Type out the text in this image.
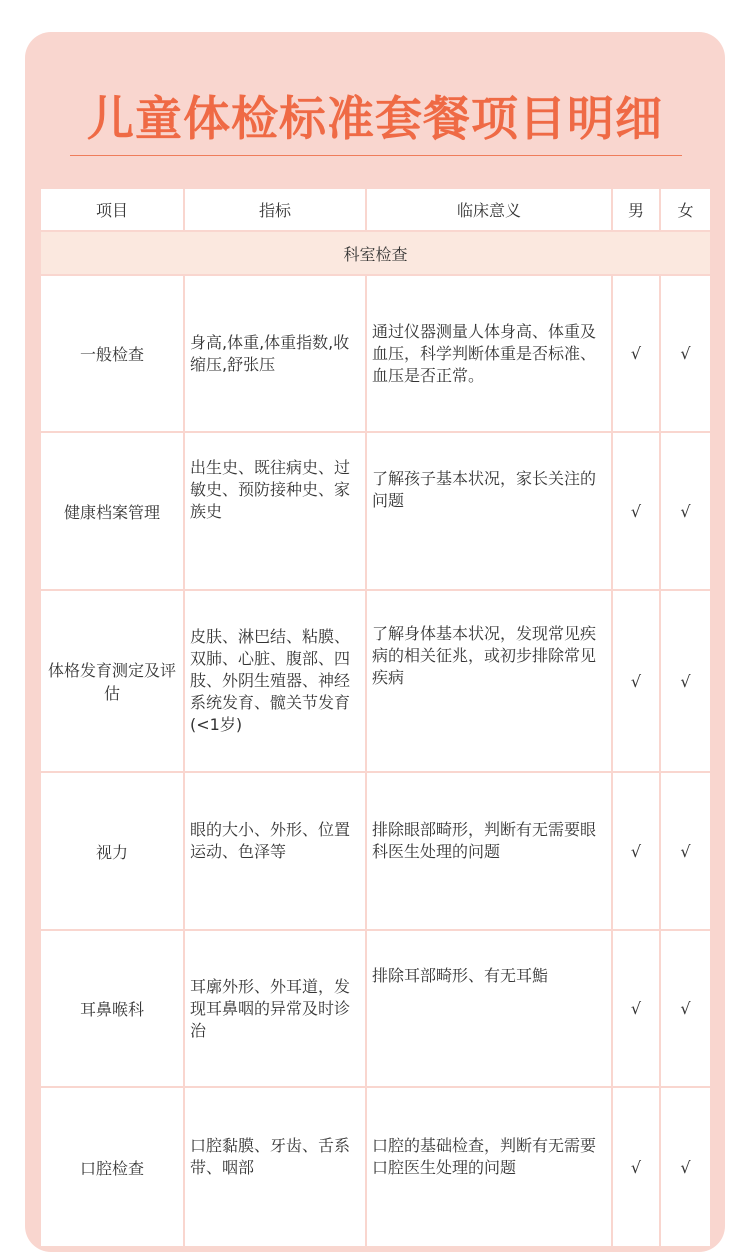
儿童体检标准套餐项目明细
项目	指标	临床意义	男	女
科室检查				
一般检查	身高,体重,体重指数,收缩压,舒张压	通过仪器测量人体身高、体重及血压，科学判断体重是否标准、血压是否正常。	√	√
健康档案管理	出生史、既往病史、过敏史、预防接种史、家族史	了解孩子基本状况，家长关注的问题	√	√
体格发育测定及评估	皮肤、淋巴结、粘膜、双肺、心脏、腹部、四肢、外阴生殖器、神经系统发育、髋关节发育(<1岁)	了解身体基本状况，发现常见疾病的相关征兆，或初步排除常见疾病	√	√
视力	眼的大小、外形、位置运动、色泽等	排除眼部畸形，判断有无需要眼科医生处理的问题	√	√
耳鼻喉科	耳廓外形、外耳道，发现耳鼻咽的异常及时诊治	排除耳部畸形、有无耳鮨	√	√
口腔检查	口腔黏膜、牙齿、舌系带、咽部	口腔的基础检查，判断有无需要口腔医生处理的问题	√	√
